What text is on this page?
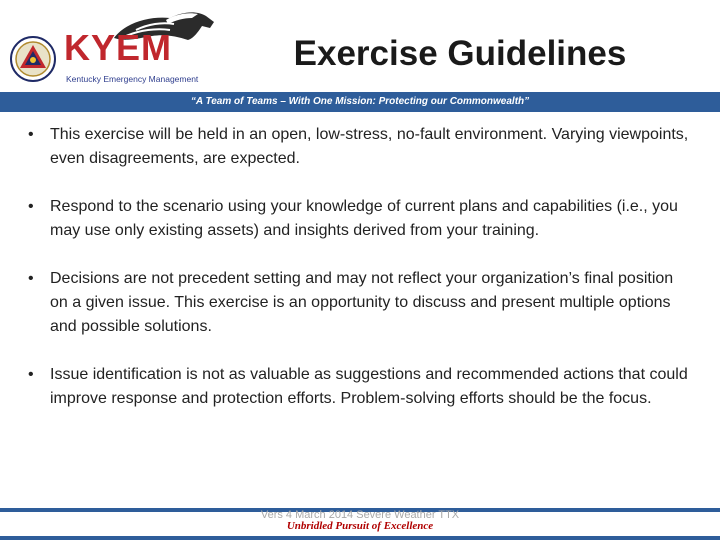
KYEM
Kentucky Emergency Management
Exercise Guidelines
“A Team of Teams – With One Mission: Protecting our Commonwealth”
• This exercise will be held in an open, low-stress, no-fault environment. Varying viewpoints, even disagreements, are expected.
• Respond to the scenario using your knowledge of current plans and capabilities (i.e., you may use only existing assets) and insights derived from your training.
• Decisions are not precedent setting and may not reflect your organization’s final position on a given issue. This exercise is an opportunity to discuss and present multiple options and possible solutions.
• Issue identification is not as valuable as suggestions and recommended actions that could improve response and protection efforts. Problem-solving efforts should be the focus.
Vers 4 March 2014 Severe Weather TTX
Unbridled Pursuit of Excellence
